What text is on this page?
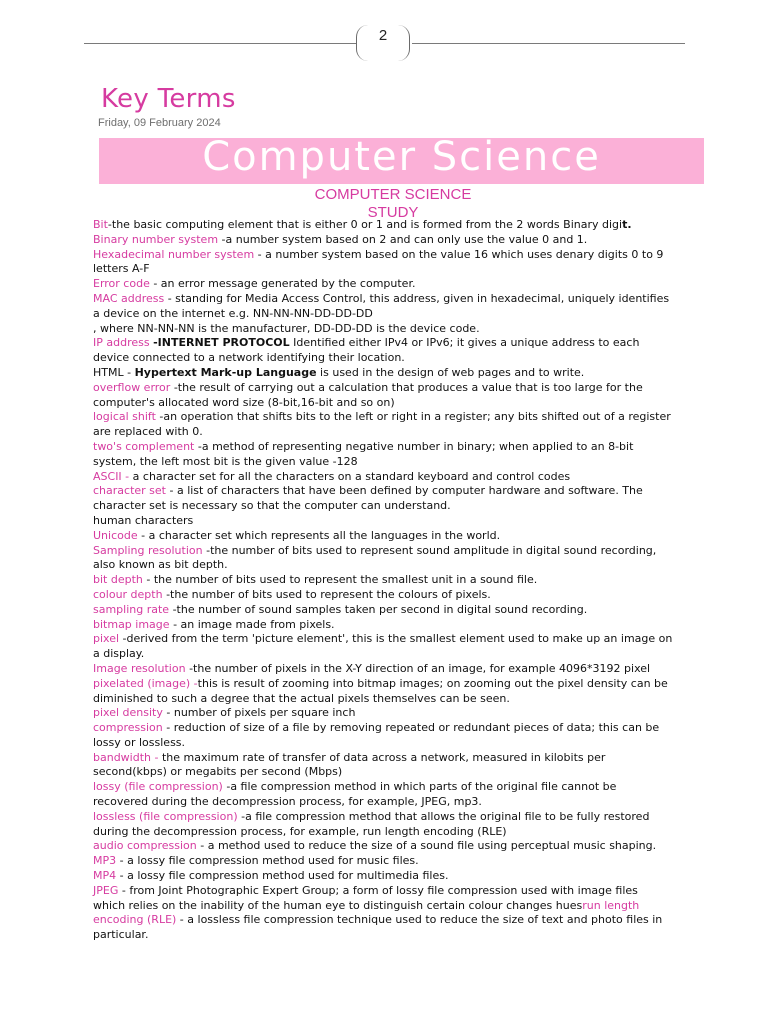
2
Key Terms
Friday, 09 February 2024
Computer Science
COMPUTER SCIENCE STUDY

Bit-the basic computing element that is either 0 or 1 and is formed from the 2 words Binary digit.

Binary number system -a number system based on 2 and can only use the value 0 and 1.

Hexadecimal number system - a number system based on the value 16 which uses denary digits 0 to 9 letters A-F

Error code - an error message generated by the computer.

MAC address - standing for Media Access Control, this address, given in hexadecimal, uniquely identifies a device on the internet e.g. NN-NN-NN-DD-DD-DD

, where NN-NN-NN is the manufacturer, DD-DD-DD is the device code.

IP address -INTERNET PROTOCOL Identified either IPv4 or IPv6; it gives a unique address to each device connected to a network identifying their location.

HTML - Hypertext Mark-up Language is used in the design of web pages and to write.

overflow error -the result of carrying out a calculation that produces a value that is too large for the computer's allocated word size (8-bit,16-bit and so on)

logical shift -an operation that shifts bits to the left or right in a register; any bits shifted out of a register are replaced with 0.

two's complement -a method of representing negative number in binary; when applied to an 8-bit system, the left most bit is the given value -128

ASCII - a character set for all the characters on a standard keyboard and control codes

character set - a list of characters that have been defined by computer hardware and software. The character set is necessary so that the computer can understand.

human characters

Unicode - a character set which represents all the languages in the world.

Sampling resolution -the number of bits used to represent sound amplitude in digital sound recording, also known as bit depth.

bit depth - the number of bits used to represent the smallest unit in a sound file.

colour depth -the number of bits used to represent the colours of pixels.

sampling rate -the number of sound samples taken per second in digital sound recording.

bitmap image - an image made from pixels.

pixel -derived from the term 'picture element', this is the smallest element used to make up an image on a display.

Image resolution -the number of pixels in the X-Y direction of an image, for example 4096*3192 pixel

pixelated (image) -this is result of zooming into bitmap images; on zooming out the pixel density can be diminished to such a degree that the actual pixels themselves can be seen.

pixel density - number of pixels per square inch

compression - reduction of size of a file by removing repeated or redundant pieces of data; this can be lossy or lossless.

bandwidth - the maximum rate of transfer of data across a network, measured in kilobits per second(kbps) or megabits per second (Mbps)

lossy (file compression) -a file compression method in which parts of the original file cannot be recovered during the decompression process, for example, JPEG, mp3.

lossless (file compression) -a file compression method that allows the original file to be fully restored during the decompression process, for example, run length encoding (RLE)

audio compression - a method used to reduce the size of a sound file using perceptual music shaping.

MP3 - a lossy file compression method used for music files.

MP4 - a lossy file compression method used for multimedia files.

JPEG - from Joint Photographic Expert Group; a form of lossy file compression used with image files which relies on the inability of the human eye to distinguish certain colour changes huesrun length encoding (RLE) - a lossless file compression technique used to reduce the size of text and photo files in particular.
